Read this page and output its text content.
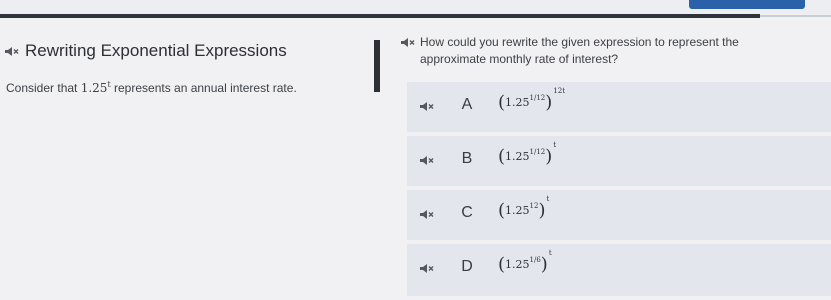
Rewriting Exponential Expressions
Consider that 1.25$^t$ represents an annual interest rate.
How could you rewrite the given expression to represent the approximate monthly rate of interest?
A $(1.25^{1/12})^{12t}$
B $(1.25^{1/12})^t$
C $(1.25^{12})^t$
D $(1.25^{1/6})^t$
